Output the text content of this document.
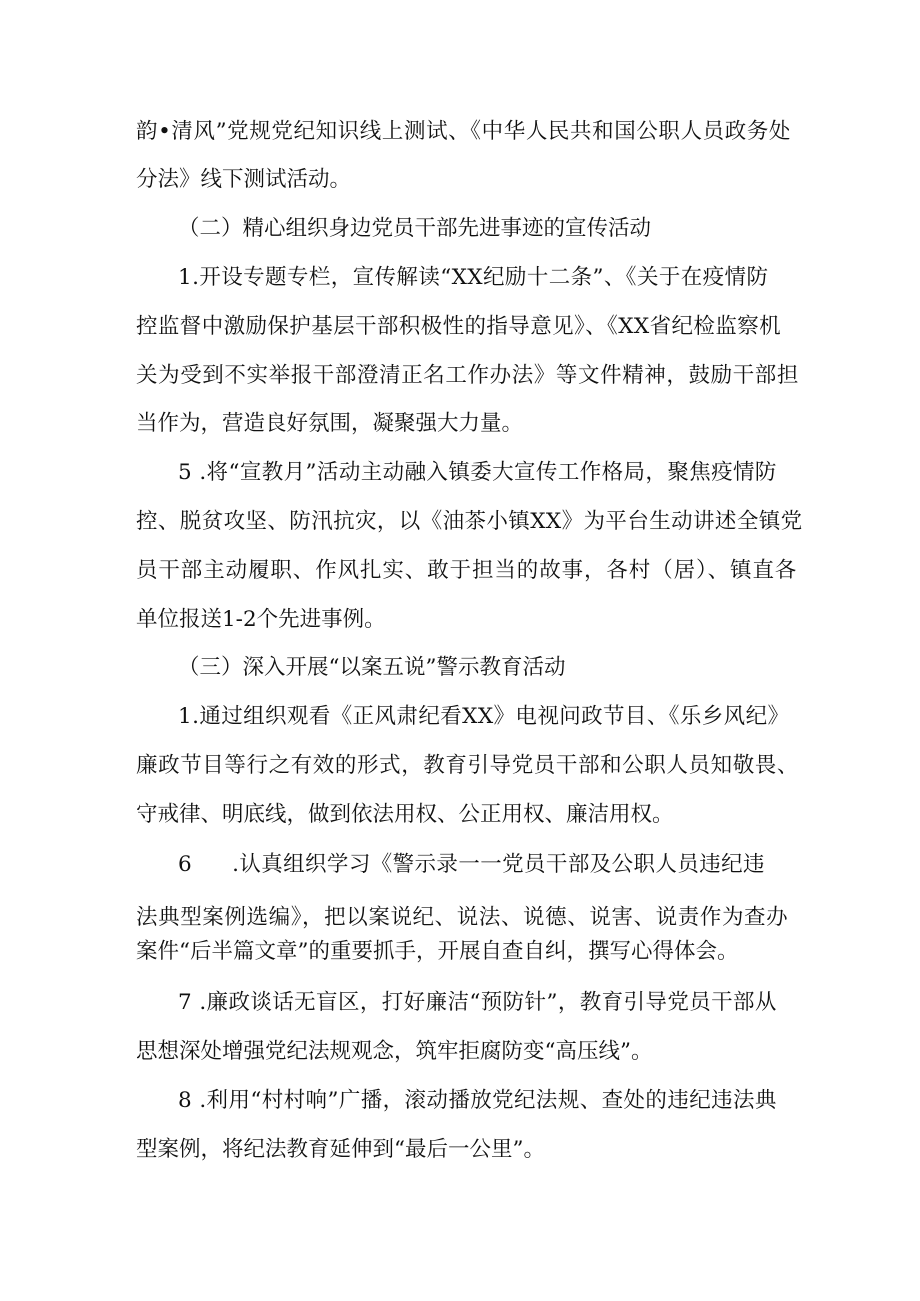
韵•清风”党规党纪知识线上测试、《中华人民共和国公职人员政务处
分法》线下测试活动。
（二）精心组织身边党员干部先进事迹的宣传活动
1.开设专题专栏，宣传解读“XX纪励十二条”、《关于在疫情防
控监督中激励保护基层干部积极性的指导意见》、《XX省纪检监察机
关为受到不实举报干部澄清正名工作办法》等文件精神，鼓励干部担
当作为，营造良好氛围，凝聚强大力量。
5 .将“宣教月”活动主动融入镇委大宣传工作格局，聚焦疫情防
控、脱贫攻坚、防汛抗灾，以《油茶小镇XX》为平台生动讲述全镇党
员干部主动履职、作风扎实、敢于担当的故事，各村（居）、镇直各
单位报送1-2个先进事例。
（三）深入开展“以案五说”警示教育活动
1.通过组织观看《正风肃纪看XX》电视问政节目、《乐乡风纪》
廉政节目等行之有效的形式，教育引导党员干部和公职人员知敬畏、
守戒律、明底线，做到依法用权、公正用权、廉洁用权。
6 .认真组织学习《警示录一一党员干部及公职人员违纪违
法典型案例选编》，把以案说纪、说法、说德、说害、说责作为查办
案件“后半篇文章”的重要抓手，开展自查自纠，撰写心得体会。
7 .廉政谈话无盲区，打好廉洁“预防针”，教育引导党员干部从
思想深处增强党纪法规观念，筑牢拒腐防变“高压线”。
8 .利用“村村响”广播，滚动播放党纪法规、查处的违纪违法典
型案例，将纪法教育延伸到“最后一公里”。
